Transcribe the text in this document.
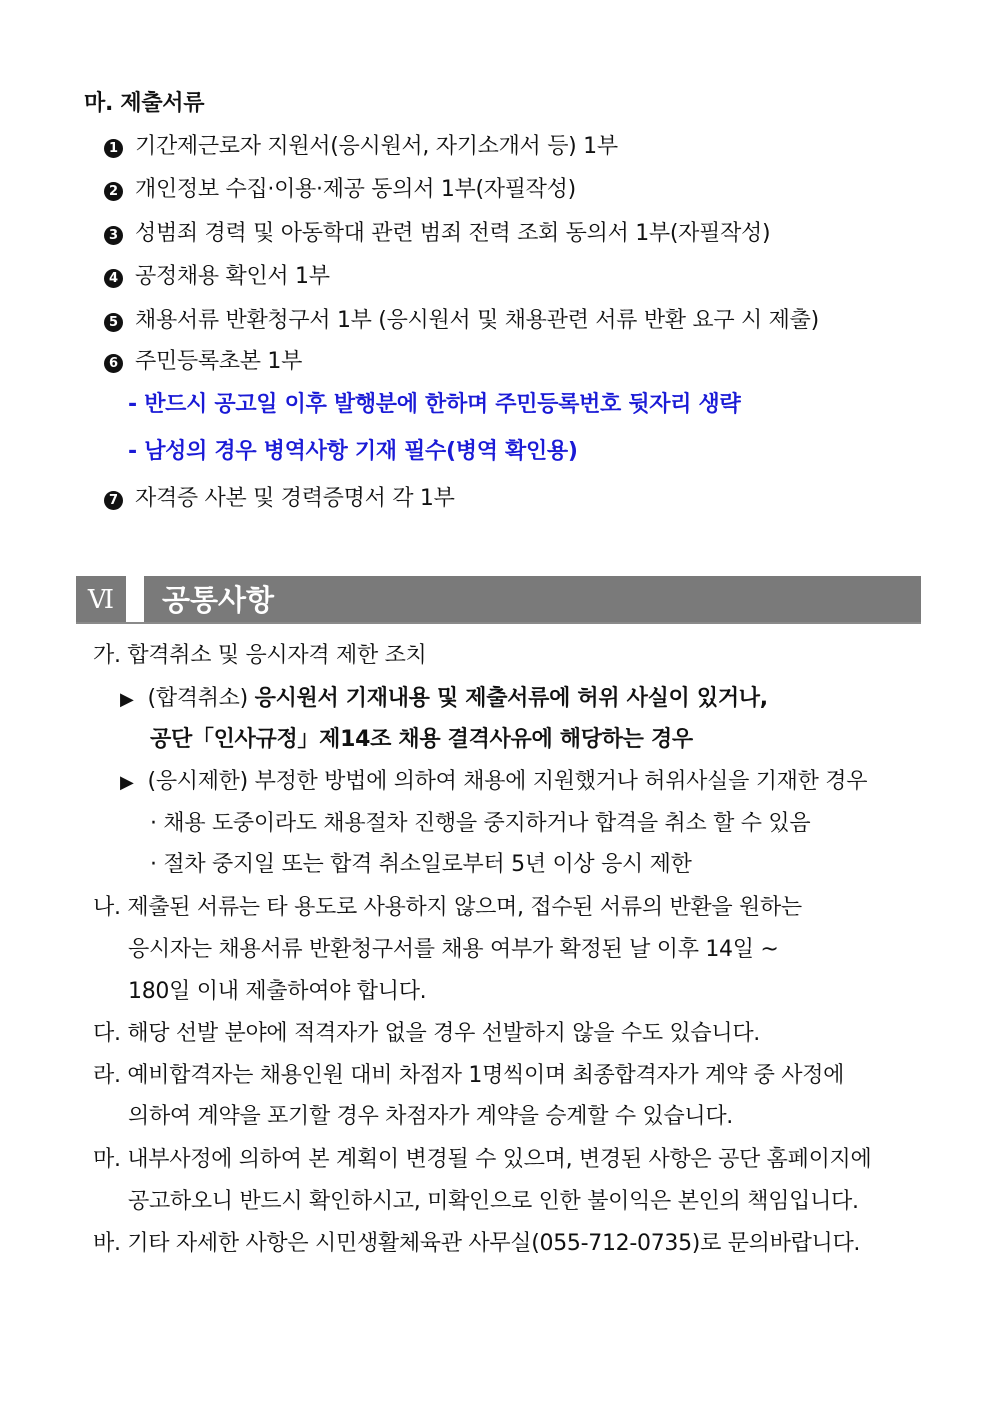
마. 제출서류
1 기간제근로자 지원서(응시원서, 자기소개서 등) 1부
2 개인정보 수집·이용·제공 동의서 1부(자필작성)
3 성범죄 경력 및 아동학대 관련 범죄 전력 조회 동의서 1부(자필작성)
4 공정채용 확인서 1부
5 채용서류 반환청구서 1부 (응시원서 및 채용관련 서류 반환 요구 시 제출)
6 주민등록초본 1부
- 반드시 공고일 이후 발행분에 한하며 주민등록번호 뒷자리 생략
- 남성의 경우 병역사항 기재 필수(병역 확인용)
7 자격증 사본 및 경력증명서 각 1부
Ⅵ	공통사항
가. 합격취소 및 응시자격 제한 조치
▶ (합격취소) 응시원서 기재내용 및 제출서류에 허위 사실이 있거나,
공단「인사규정」제14조 채용 결격사유에 해당하는 경우
▶ (응시제한) 부정한 방법에 의하여 채용에 지원했거나 허위사실을 기재한 경우
· 채용 도중이라도 채용절차 진행을 중지하거나 합격을 취소 할 수 있음
· 절차 중지일 또는 합격 취소일로부터 5년 이상 응시 제한
나. 제출된 서류는 타 용도로 사용하지 않으며, 접수된 서류의 반환을 원하는
응시자는 채용서류 반환청구서를 채용 여부가 확정된 날 이후 14일 ~
180일 이내 제출하여야 합니다.
다. 해당 선발 분야에 적격자가 없을 경우 선발하지 않을 수도 있습니다.
라. 예비합격자는 채용인원 대비 차점자 1명씩이며 최종합격자가 계약 중 사정에
의하여 계약을 포기할 경우 차점자가 계약을 승계할 수 있습니다.
마. 내부사정에 의하여 본 계획이 변경될 수 있으며, 변경된 사항은 공단 홈페이지에
공고하오니 반드시 확인하시고, 미확인으로 인한 불이익은 본인의 책임입니다.
바. 기타 자세한 사항은 시민생활체육관 사무실(055-712-0735)로 문의바랍니다.
